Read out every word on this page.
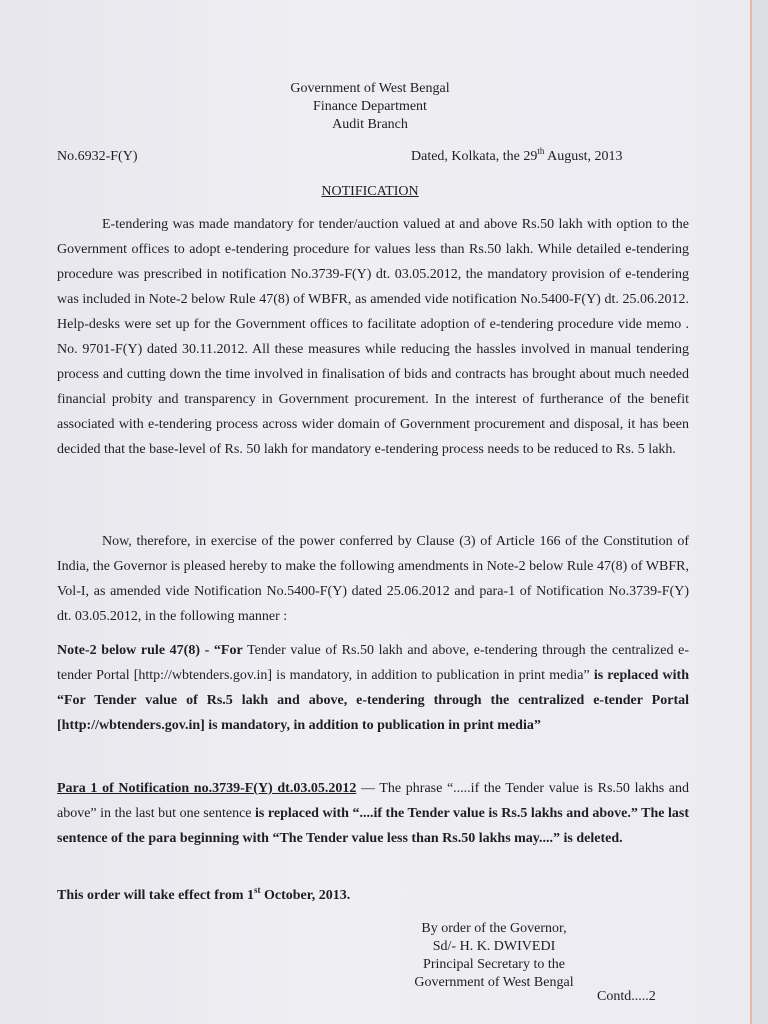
Government of West Bengal
Finance Department
Audit Branch
No.6932-F(Y)	Dated, Kolkata, the 29th August, 2013
NOTIFICATION
E-tendering was made mandatory for tender/auction valued at and above Rs.50 lakh with option to the Government offices to adopt e-tendering procedure for values less than Rs.50 lakh. While detailed e-tendering procedure was prescribed in notification No.3739-F(Y) dt. 03.05.2012, the mandatory provision of e-tendering was included in Note-2 below Rule 47(8) of WBFR, as amended vide notification No.5400-F(Y) dt. 25.06.2012. Help-desks were set up for the Government offices to facilitate adoption of e-tendering procedure vide memo . No. 9701-F(Y) dated 30.11.2012. All these measures while reducing the hassles involved in manual tendering process and cutting down the time involved in finalisation of bids and contracts has brought about much needed financial probity and transparency in Government procurement. In the interest of furtherance of the benefit associated with e-tendering process across wider domain of Government procurement and disposal, it has been decided that the base-level of Rs. 50 lakh for mandatory e-tendering process needs to be reduced to Rs. 5 lakh.
Now, therefore, in exercise of the power conferred by Clause (3) of Article 166 of the Constitution of India, the Governor is pleased hereby to make the following amendments in Note-2 below Rule 47(8) of WBFR, Vol-I, as amended vide Notification No.5400-F(Y) dated 25.06.2012 and para-1 of Notification No.3739-F(Y) dt. 03.05.2012, in the following manner :
Note-2 below rule 47(8) - “For Tender value of Rs.50 lakh and above, e-tendering through the centralized e-tender Portal [http://wbtenders.gov.in] is mandatory, in addition to publication in print media” is replaced with “For Tender value of Rs.5 lakh and above, e-tendering through the centralized e-tender Portal [http://wbtenders.gov.in] is mandatory, in addition to publication in print media”
Para 1 of Notification no.3739-F(Y) dt.03.05.2012 — The phrase “.....if the Tender value is Rs.50 lakhs and above” in the last but one sentence is replaced with “....if the Tender value is Rs.5 lakhs and above.” The last sentence of the para beginning with “The Tender value less than Rs.50 lakhs may....” is deleted.
This order will take effect from 1st October, 2013.
By order of the Governor,
Sd/- H. K. DWIVEDI
Principal Secretary to the
Government of West Bengal
Contd.....2
